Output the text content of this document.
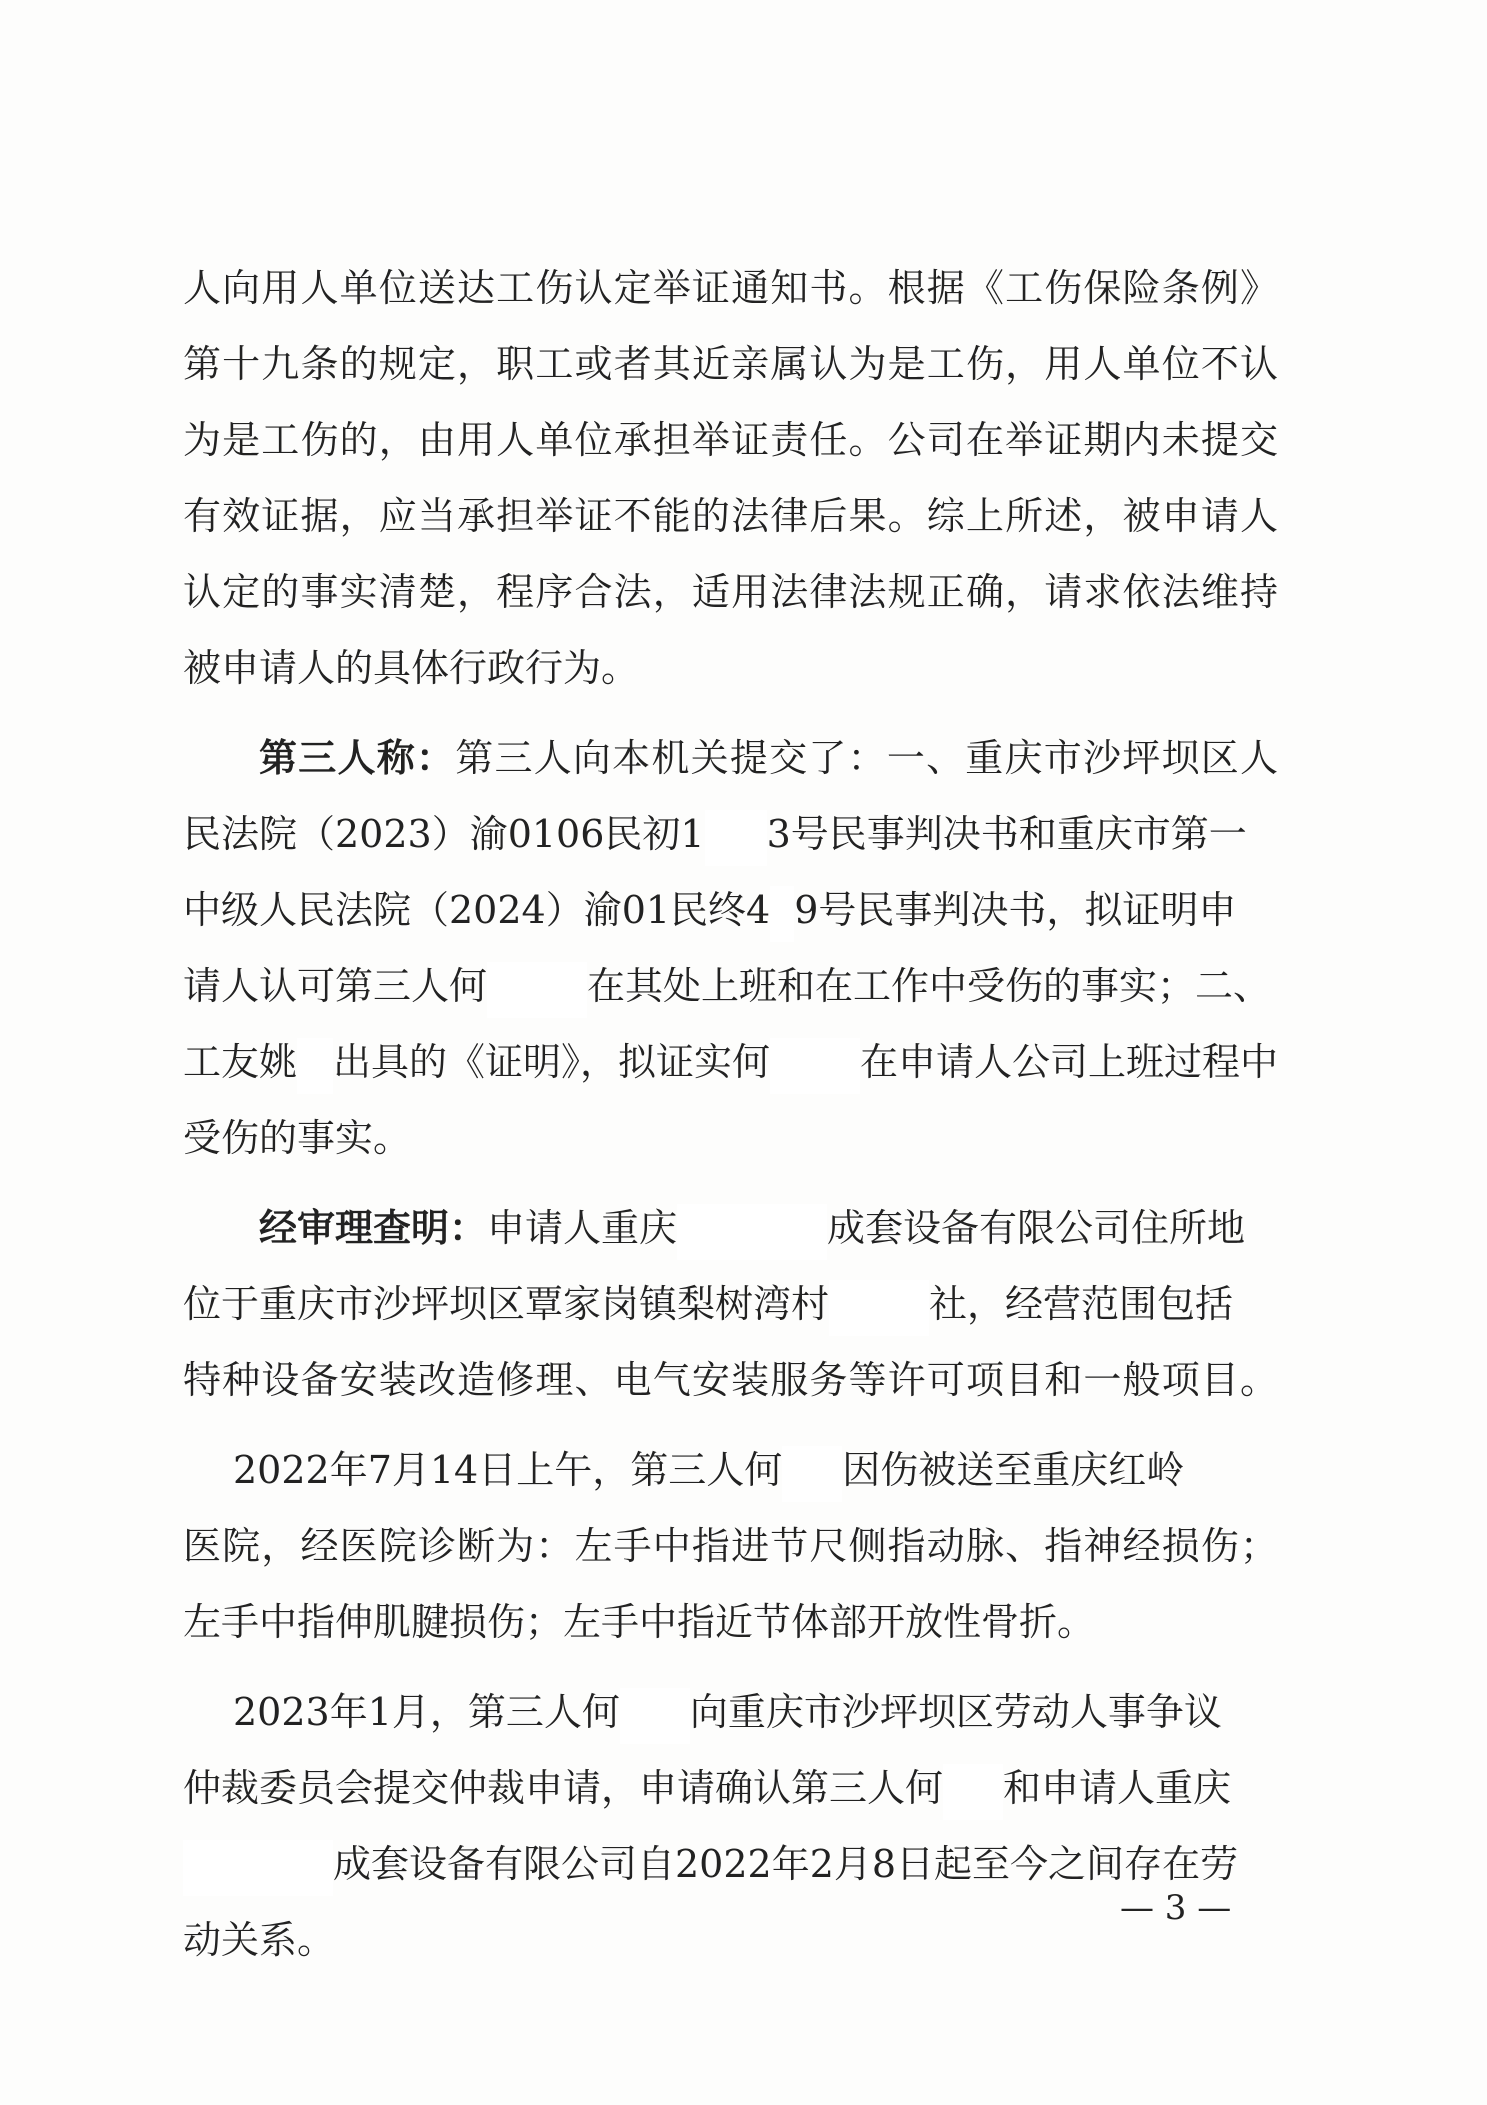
人向用人单位送达工伤认定举证通知书。根据《工伤保险条例》
第十九条的规定，职工或者其近亲属认为是工伤，用人单位不认
为是工伤的，由用人单位承担举证责任。公司在举证期内未提交
有效证据，应当承担举证不能的法律后果。综上所述，被申请人
认定的事实清楚，程序合法，适用法律法规正确，请求依法维持
被申请人的具体行政行为。
第三人称：第三人向本机关提交了：一、重庆市沙坪坝区人
民法院（2023）渝0106民初1 3号民事判决书和重庆市第一
中级人民法院（2024）渝01民终4 9号民事判决书，拟证明申
请人认可第三人何	在其处上班和在工作中受伤的事实；二、
工友姚 出具的《证明》，拟证实何 在申请人公司上班过程中
受伤的事实。
经审理查明：申请人重庆	成套设备有限公司住所地
位于重庆市沙坪坝区覃家岗镇梨树湾村	社，经营范围包括
特种设备安装改造修理、电气安装服务等许可项目和一般项目。
2022年7月14日上午，第三人何 因伤被送至重庆红岭
医院，经医院诊断为：左手中指进节尺侧指动脉、指神经损伤；
左手中指伸肌腱损伤；左手中指近节体部开放性骨折。
2023年1月，第三人何 向重庆市沙坪坝区劳动人事争议
仲裁委员会提交仲裁申请，申请确认第三人何 和申请人重庆
成套设备有限公司自2022年2月8日起至今之间存在劳
动关系。
— 3 —
